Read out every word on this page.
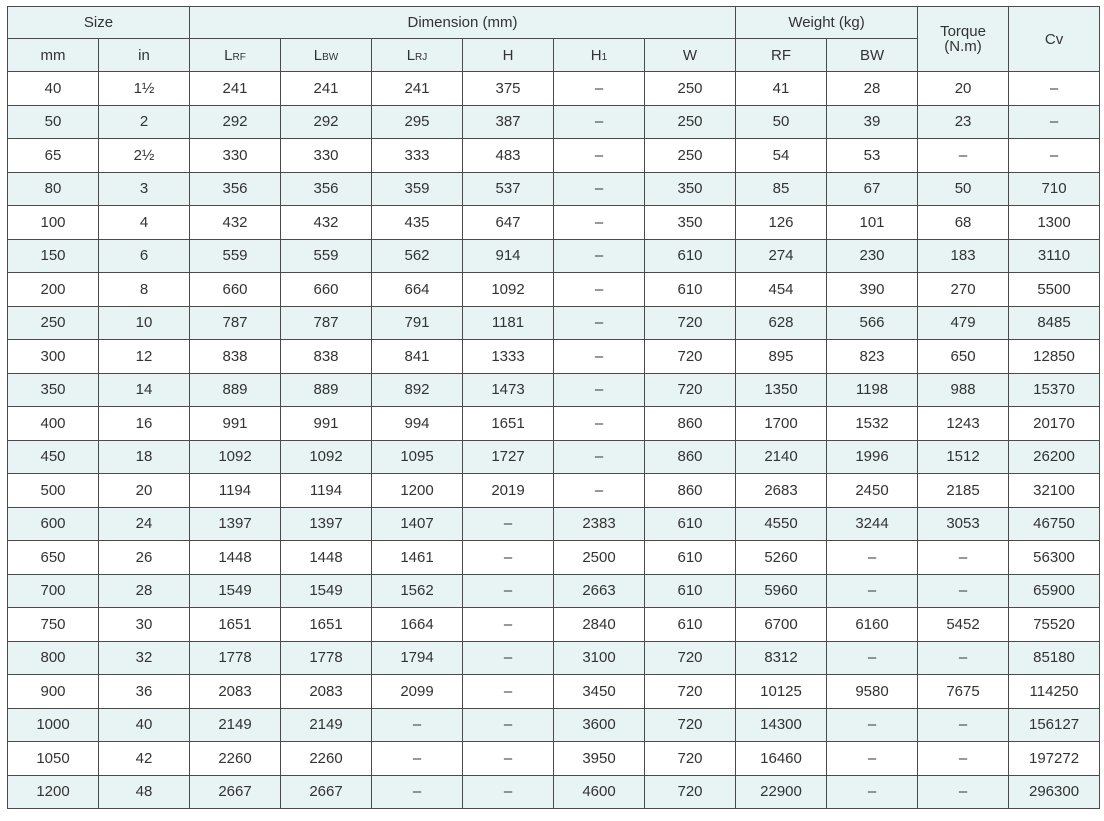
Size		Dimension (mm)						Weight (kg)		Torque
(N.m)	Cv
mm	in	LRF	LBW	LRJ	H	H1	W	RF	BW		
40	1½	241	241	241	375	–	250	41	28	20	–
50	2	292	292	295	387	–	250	50	39	23	–
65	2½	330	330	333	483	–	250	54	53	–	–
80	3	356	356	359	537	–	350	85	67	50	710
100	4	432	432	435	647	–	350	126	101	68	1300
150	6	559	559	562	914	–	610	274	230	183	3110
200	8	660	660	664	1092	–	610	454	390	270	5500
250	10	787	787	791	1181	–	720	628	566	479	8485
300	12	838	838	841	1333	–	720	895	823	650	12850
350	14	889	889	892	1473	–	720	1350	1198	988	15370
400	16	991	991	994	1651	–	860	1700	1532	1243	20170
450	18	1092	1092	1095	1727	–	860	2140	1996	1512	26200
500	20	1194	1194	1200	2019	–	860	2683	2450	2185	32100
600	24	1397	1397	1407	–	2383	610	4550	3244	3053	46750
650	26	1448	1448	1461	–	2500	610	5260	–	–	56300
700	28	1549	1549	1562	–	2663	610	5960	–	–	65900
750	30	1651	1651	1664	–	2840	610	6700	6160	5452	75520
800	32	1778	1778	1794	–	3100	720	8312	–	–	85180
900	36	2083	2083	2099	–	3450	720	10125	9580	7675	114250
1000	40	2149	2149	–	–	3600	720	14300	–	–	156127
1050	42	2260	2260	–	–	3950	720	16460	–	–	197272
1200	48	2667	2667	–	–	4600	720	22900	–	–	296300
